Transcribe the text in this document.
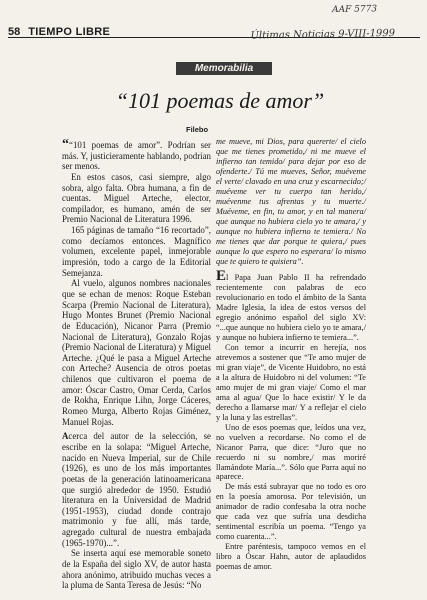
AAF 5773
Últimas Noticias 9-VIII-1999
58 TIEMPO LIBRE
Memorabilia
“101 poemas de amor”
Filebo

““101 poemas de amor”. Podrían ser más. Y, justicieramente hablando, podrían ser menos.

En estos casos, casi siempre, algo sobra, algo falta. Obra humana, a fin de cuentas. Miguel Arteche, elector, compilador, es humano, amén de ser Premio Nacional de Literatura 1996.

165 páginas de tamaño “16 recortado”, como decíamos entonces. Magnífico volumen, excelente papel, inmejorable impresión, todo a cargo de la Editorial Semejanza.

Al vuelo, algunos nombres nacionales que se echan de menos: Roque Esteban Scarpa (Premio Nacional de Literatura), Hugo Montes Brunet (Premio Nacional de Educación), Nicanor Parra (Premio Nacional de Literatura), Gonzalo Rojas (Premio Nacional de Literatura) y Miguel Arteche. ¿Qué le pasa a Miguel Arteche con Arteche? Ausencia de otros poetas chilenos que cultivaron el poema de amor: Óscar Castro, Omar Cerda, Carlos de Rokha, Enrique Lihn, Jorge Cáceres, Romeo Murga, Alberto Rojas Giménez, Manuel Rojas.

Acerca del autor de la selección, se escribe en la solapa: “Miguel Arteche, nacido en Nueva Imperial, sur de Chile (1926), es uno de los más importantes poetas de la generación latinoamericana que surgió alrededor de 1950. Estudió literatura en la Universidad de Madrid (1951-1953), ciudad donde contrajo matrimonio y fue allí, más tarde, agregado cultural de nuestra embajada (1965-1970)...”.

Se inserta aquí ese memorable soneto de la España del siglo XV, de autor hasta ahora anónimo, atribuido muchas veces a la pluma de Santa Teresa de Jesús: “No

me mueve, mi Dios, para quererte/ el cielo que me tienes prometido,/ ni me mueve el infierno tan temido/ para dejar por eso de ofenderte./ Tú me mueves, Señor, muéveme el verte/ clavado en una cruz y escarnecido;/ muéveme ver tu cuerpo tan herido,/ muévenme tus afrentas y tu muerte./ Muéveme, en fin, tu amor, y en tal manera/ que aunque no hubiera cielo yo te amara,/ y aunque no hubiera infierno te temiera./ No me tienes que dar porque te quiera,/ pues aunque lo que espero no esperara/ lo mismo que te quiero te quisiera”.

El Papa Juan Pablo II ha refrendado recientemente con palabras de eco revolucionario en todo el ámbito de la Santa Madre Iglesia, la idea de estos versos del egregio anónimo español del siglo XV: “...que aunque no hubiera cielo yo te amara,/ y aunque no hubiera infierno te temiera...”.

Con temor a incurrir en herejía, nos atrevemos a sostener que “Te amo mujer de mi gran viaje”, de Vicente Huidobro, no está a la altura de Huidobro ni del volumen: “Te amo mujer de mi gran viaje/ Como el mar ama al agua/ Que lo hace existir/ Y le da derecho a llamarse mar/ Y a reflejar el cielo y la luna y las estrellas”.

Uno de esos poemas que, leídos una vez, no vuelven a recordarse. No como el de Nicanor Parra, que dice: “Juro que no recuerdo ni su nombre,/ mas moriré llamándote María...”. Sólo que Parra aquí no aparece.

De más está subrayar que no todo es oro en la poesía amorosa. Por televisión, un animador de radio confesaba la otra noche que cada vez que sufría una desdicha sentimental escribía un poema. “Tengo ya como cuarenta...”.

Entre paréntesis, tampoco vemos en el libro a Óscar Hahn, autor de aplaudidos poemas de amor.
